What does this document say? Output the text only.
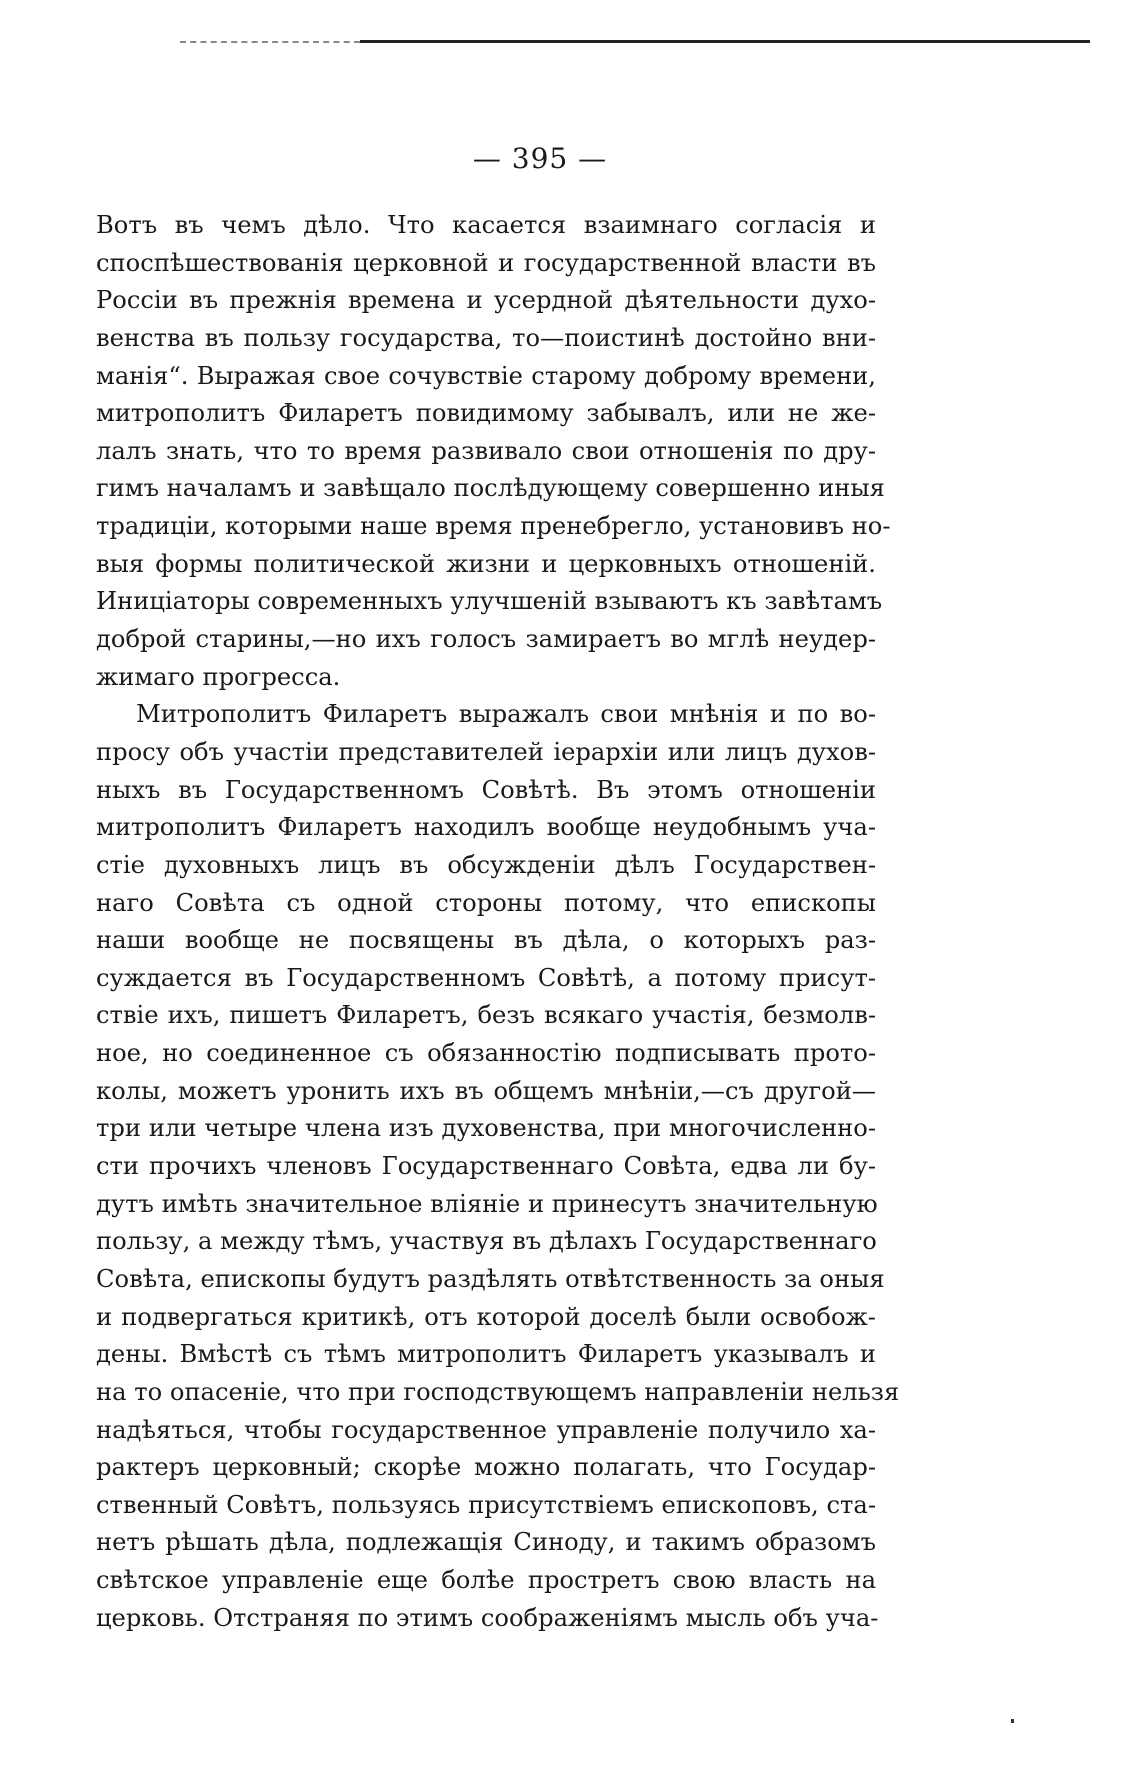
— 395 —
Вотъ въ чемъ дѣло. Что касается взаимнаго согласія и
споспѣшествованія церковной и государственной власти въ
Россіи въ прежнія времена и усердной дѣятельности духо-
венства въ пользу государства, то—поистинѣ достойно вни-
манія“. Выражая свое сочувствіе старому доброму времени,
митрополитъ Филаретъ повидимому забывалъ, или не же-
лалъ знать, что то время развивало свои отношенія по дру-
гимъ началамъ и завѣщало послѣдующему совершенно иныя
традиціи, которыми наше время пренебрегло, установивъ но-
выя формы политической жизни и церковныхъ отношеній.
Иниціаторы современныхъ улучшеній взываютъ къ завѣтамъ
доброй старины,—но ихъ голосъ замираетъ во мглѣ неудер-
жимаго прогресса.
Митрополитъ Филаретъ выражалъ свои мнѣнія и по во-
просу объ участіи представителей іерархіи или лицъ духов-
ныхъ въ Государственномъ Совѣтѣ. Въ этомъ отношеніи
митрополитъ Филаретъ находилъ вообще неудобнымъ уча-
стіе духовныхъ лицъ въ обсужденіи дѣлъ Государствен-
наго Совѣта съ одной стороны потому, что епископы
наши вообще не посвящены въ дѣла, о которыхъ раз-
суждается въ Государственномъ Совѣтѣ, а потому присут-
ствіе ихъ, пишетъ Филаретъ, безъ всякаго участія, безмолв-
ное, но соединенное съ обязанностію подписывать прото-
колы, можетъ уронить ихъ въ общемъ мнѣніи,—съ другой—
три или четыре члена изъ духовенства, при многочисленно-
сти прочихъ членовъ Государственнаго Совѣта, едва ли бу-
дутъ имѣть значительное вліяніе и принесутъ значительную
пользу, а между тѣмъ, участвуя въ дѣлахъ Государственнаго
Совѣта, епископы будутъ раздѣлять отвѣтственность за оныя
и подвергаться критикѣ, отъ которой доселѣ были освобож-
дены. Вмѣстѣ съ тѣмъ митрополитъ Филаретъ указывалъ и
на то опасеніе, что при господствующемъ направленіи нельзя
надѣяться, чтобы государственное управленіе получило ха-
рактеръ церковный; скорѣе можно полагать, что Государ-
ственный Совѣтъ, пользуясь присутствіемъ епископовъ, ста-
нетъ рѣшать дѣла, подлежащія Синоду, и такимъ образомъ
свѣтское управленіе еще болѣе простретъ свою власть на
церковь. Отстраняя по этимъ соображеніямъ мысль объ уча-
